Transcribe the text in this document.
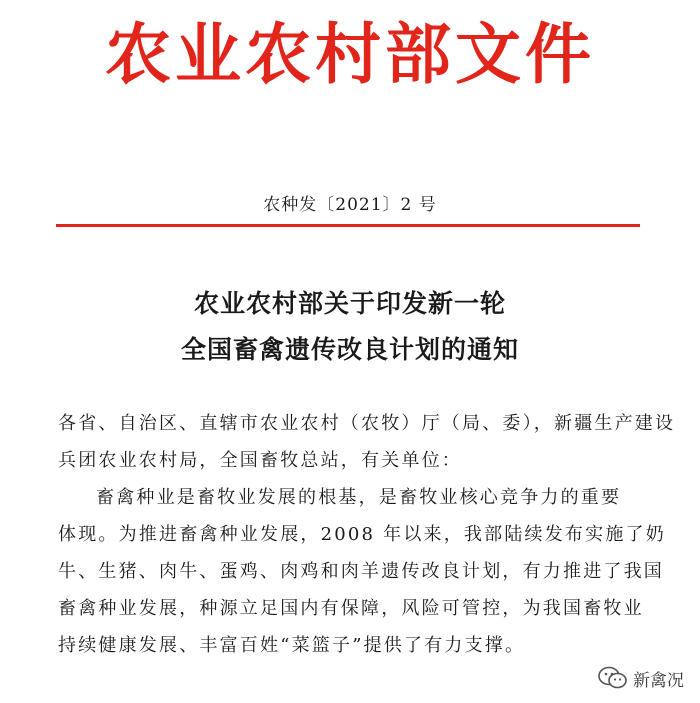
农业农村部文件
农种发〔2021〕2 号
农业农村部关于印发新一轮
全国畜禽遗传改良计划的通知
各省、自治区、直辖市农业农村（农牧）厅（局、委），新疆生产建设
兵团农业农村局，全国畜牧总站，有关单位：
畜禽种业是畜牧业发展的根基，是畜牧业核心竞争力的重要
体现。为推进畜禽种业发展，2008 年以来，我部陆续发布实施了奶
牛、生猪、肉牛、蛋鸡、肉鸡和肉羊遗传改良计划，有力推进了我国
畜禽种业发展，种源立足国内有保障，风险可管控，为我国畜牧业
持续健康发展、丰富百姓“菜篮子”提供了有力支撑。
新禽况
